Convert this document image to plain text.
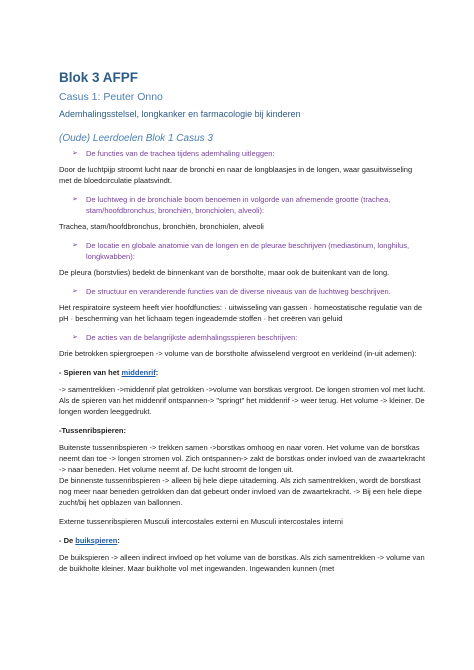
Blok 3 AFPF
Casus 1: Peuter Onno
Ademhalingsstelsel, longkanker en farmacologie bij kinderen
(Oude) Leerdoelen Blok 1 Casus 3
➢	De functies van de trachea tijdens ademhaling uitleggen:
Door de luchtpijp stroomt lucht naar de bronchi en naar de longblaasjes in de longen, waar gasuitwisseling met de bloedcirculatie plaatsvindt.
➢	De luchtweg in de bronchiale boom benoemen in volgorde van afnemende grootte (trachea, stam/hoofdbronchus, bronchiën, bronchiolen, alveoli):
Trachea, stam/hoofdbronchus, bronchiën, bronchiolen, alveoli
➢	De locatie en globale anatomie van de longen en de pleurae beschrijven (mediastinum, longhilus, longkwabben):
De pleura (borstvlies) bedekt de binnenkant van de borstholte, maar ook de buitenkant van de long.
➢	De structuur en veranderende functies van de diverse niveaus van de luchtweg beschrijven.
Het respiratoire systeem heeft vier hoofdfuncties: · uitwisseling van gassen · homeostatische regulatie van de pH · bescherming van het lichaam tegen ingeademde stoffen · het creëren van geluid
➢	De acties van de belangrijkste ademhalingsspieren beschrijven:
Drie betrokken spiergroepen -> volume van de borstholte afwisselend vergroot en verkleind (in-uit ademen):
- Spieren van het middenrif:
-> samentrekken ->middenrif plat getrokken ->volume van borstkas vergroot. De longen stromen vol met lucht. Als de spieren van het middenrif ontspannen-> "springt" het middenrif -> weer terug. Het volume -> kleiner. De longen worden leeggedrukt.
-Tussenribspieren:
Buitenste tussenribspieren -> trekken samen ->borstkas omhoog en naar voren. Het volume van de borstkas neemt dan toe -> longen stromen vol. Zich ontspannen-> zakt de borstkas onder invloed van de zwaartekracht -> naar beneden. Het volume neemt af. De lucht stroomt de longen uit.
De binnenste tussenribspieren -> alleen bij hele diepe uitademing. Als zich samentrekken, wordt de borstkast nog meer naar beneden getrokken dan dat gebeurt onder invloed van de zwaartekracht. -> Bij een hele diepe zucht/bij het opblazen van ballonnen.
Externe tussenribspieren Musculi intercostales externi en Musculi intercostales interni
- De buikspieren:
De buikspieren -> alleen indirect invloed op het volume van de borstkas. Als zich samentrekken -> volume van de buikholte kleiner. Maar buikholte vol met ingewanden. Ingewanden kunnen (met
